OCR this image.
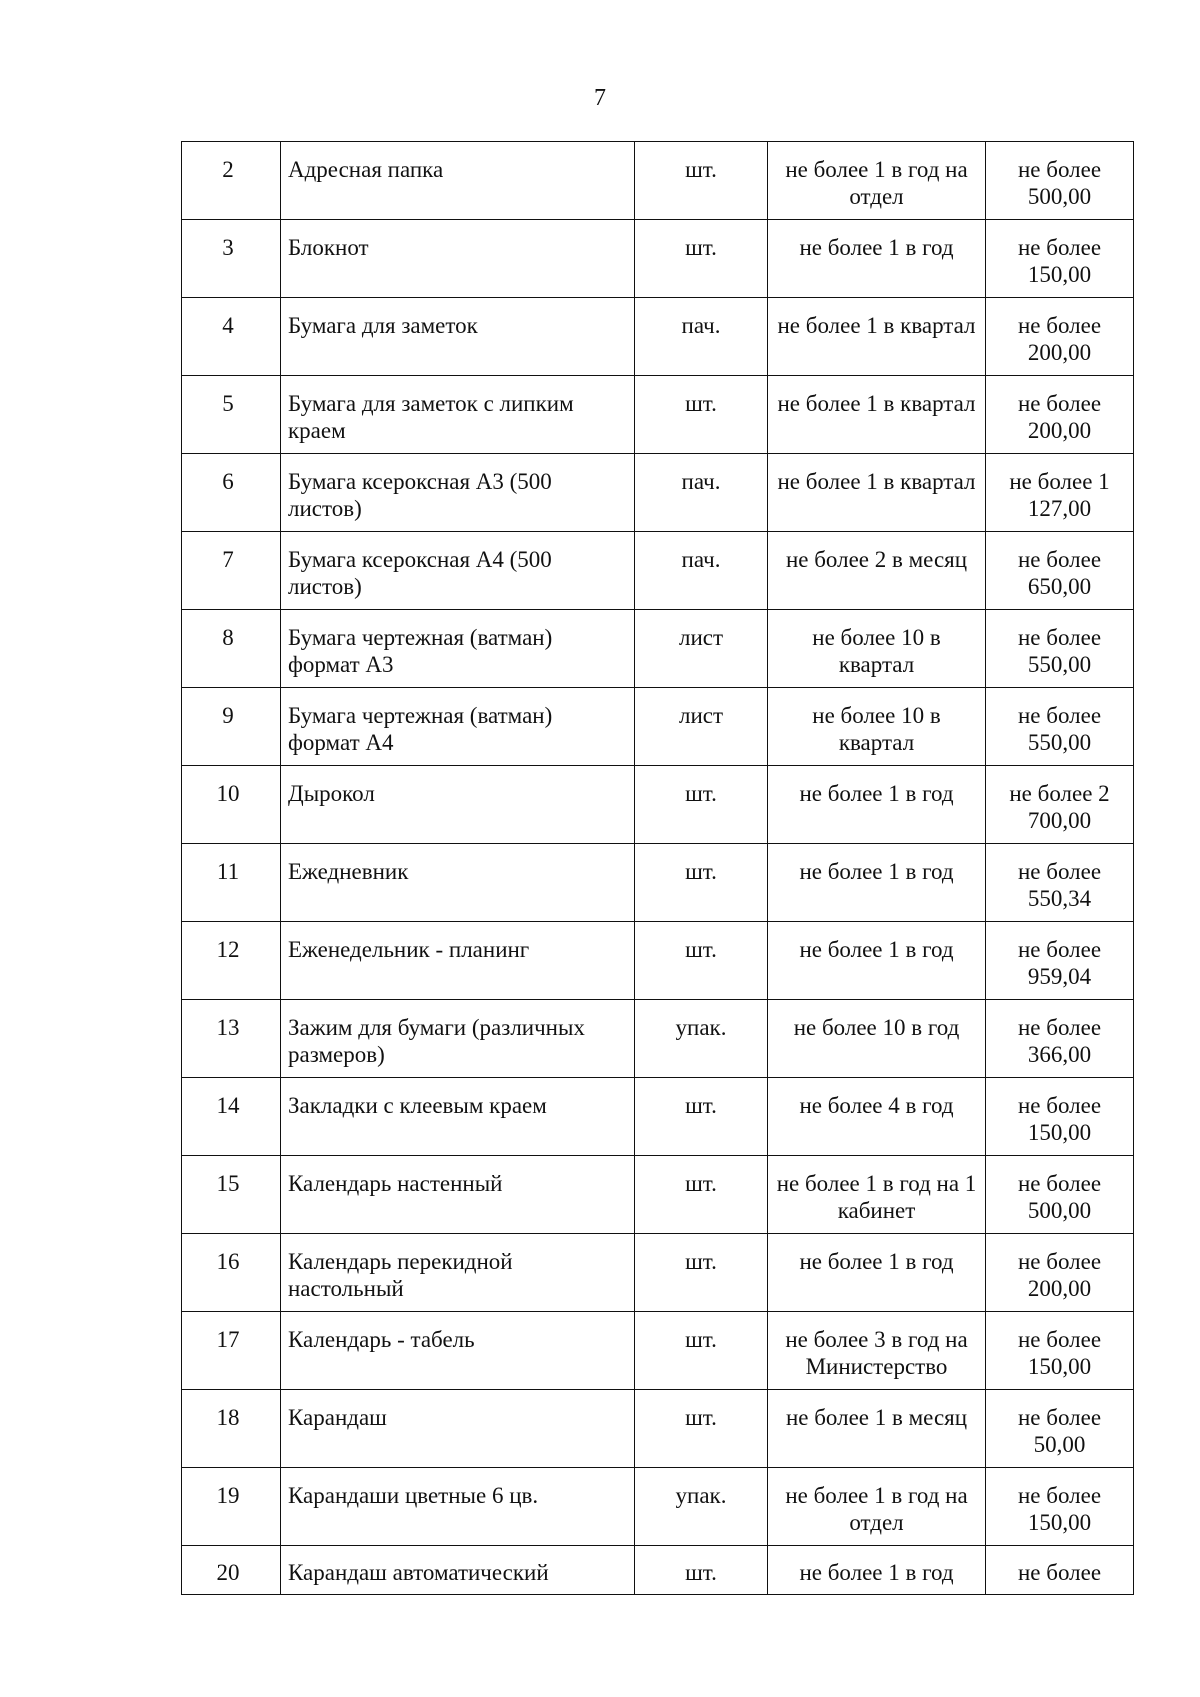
7
2	Адресная папка	шт.	не более 1 в год на отдел	не более 500,00
3	Блокнот	шт.	не более 1 в год	не более 150,00
4	Бумага для заметок	пач.	не более 1 в квартал	не более 200,00
5	Бумага для заметок с липким краем	шт.	не более 1 в квартал	не более 200,00
6	Бумага ксероксная А3 (500 листов)	пач.	не более 1 в квартал	не более 1 127,00
7	Бумага ксероксная А4 (500 листов)	пач.	не более 2 в месяц	не более 650,00
8	Бумага чертежная (ватман) формат А3	лист	не более 10 в квартал	не более 550,00
9	Бумага чертежная (ватман) формат А4	лист	не более 10 в квартал	не более 550,00
10	Дырокол	шт.	не более 1 в год	не более 2 700,00
11	Ежедневник	шт.	не более 1 в год	не более 550,34
12	Еженедельник - планинг	шт.	не более 1 в год	не более 959,04
13	Зажим для бумаги (различных размеров)	упак.	не более 10 в год	не более 366,00
14	Закладки с клеевым краем	шт.	не более 4 в год	не более 150,00
15	Календарь настенный	шт.	не более 1 в год на 1 кабинет	не более 500,00
16	Календарь перекидной настольный	шт.	не более 1 в год	не более 200,00
17	Календарь - табель	шт.	не более 3 в год на Министерство	не более 150,00
18	Карандаш	шт.	не более 1 в месяц	не более 50,00
19	Карандаши цветные 6 цв.	упак.	не более 1 в год на отдел	не более 150,00
20	Карандаш автоматический	шт.	не более 1 в год	не более
